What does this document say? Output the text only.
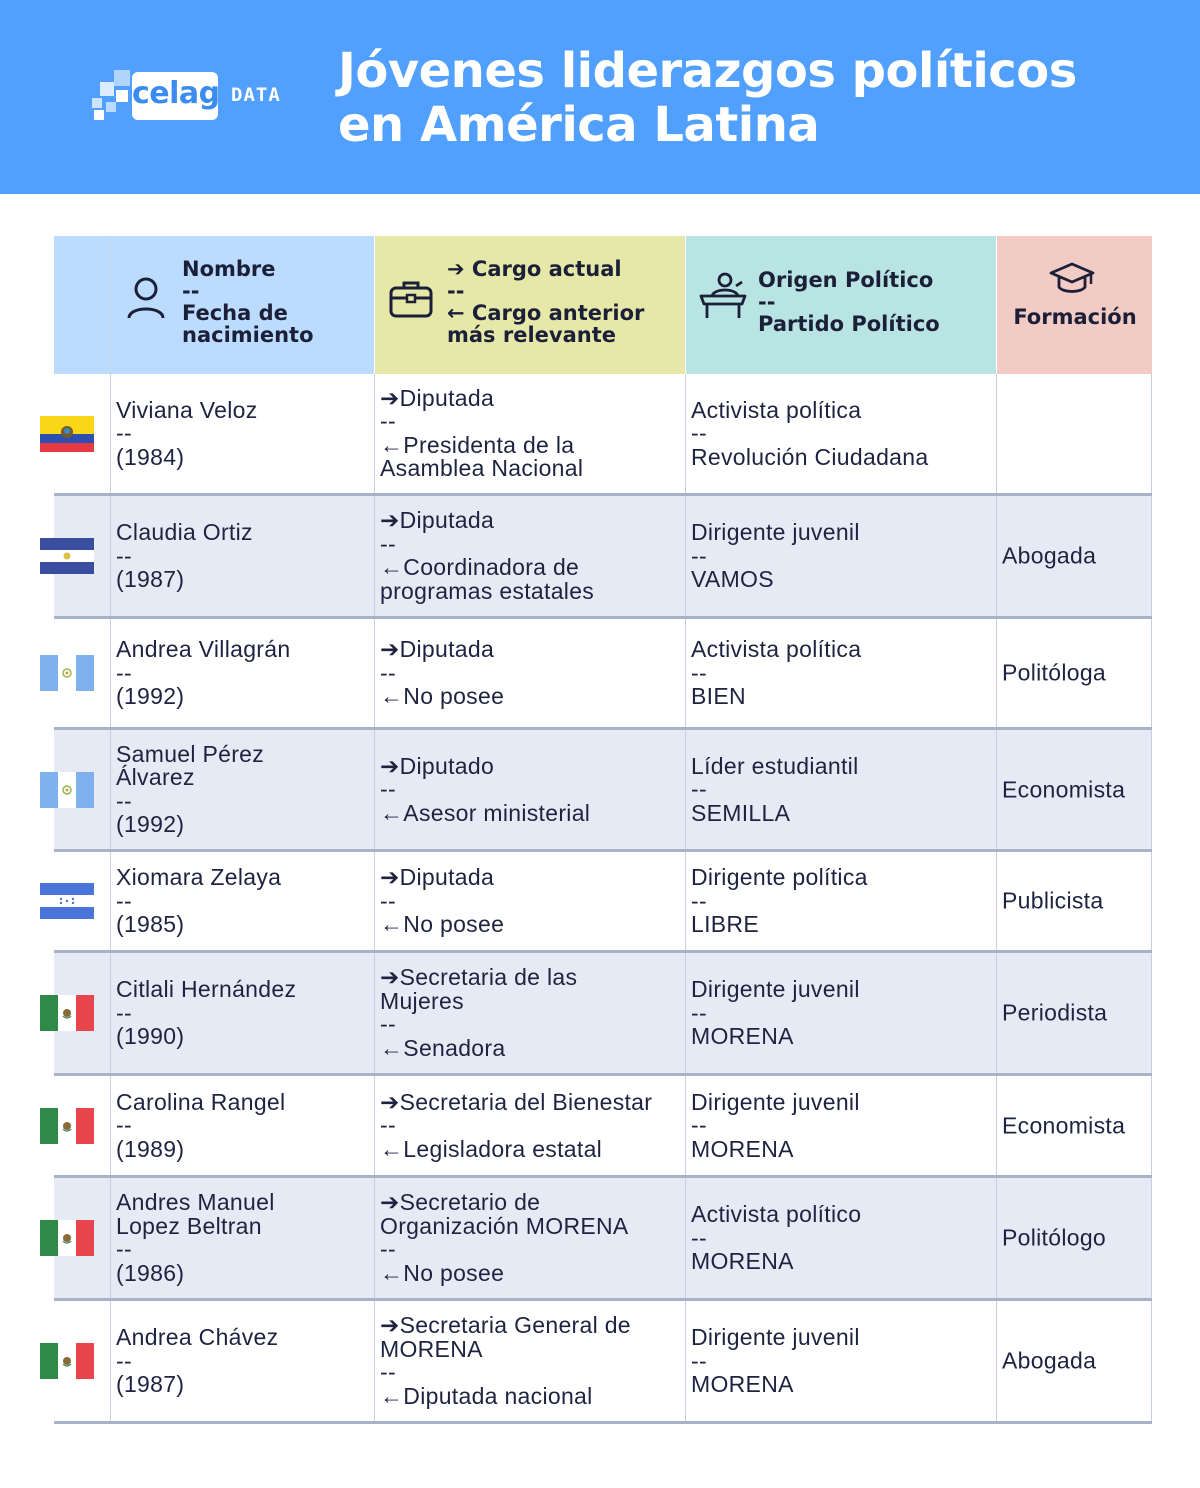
celag DATA Jóvenes liderazgos políticos
en América Latina
Nombre
--
Fecha de
nacimiento
➔ Cargo actual
--
← Cargo anterior
más relevante
Origen Político
--
Partido Político	Formación
Viviana Veloz
--
(1984)
➔Diputada
--
←Presidenta de la
Asamblea Nacional
Activista política
--
Revolución Ciudadana
Claudia Ortiz
--
(1987)
➔Diputada
--
←Coordinadora de
programas estatales
Dirigente juvenil
--
VAMOS
Abogada
Andrea Villagrán
--
(1992)
➔Diputada
--
←No posee
Activista política
--
BIEN
Politóloga
Samuel Pérez
Álvarez
--
(1992)
➔Diputado
--
←Asesor ministerial
Líder estudiantil
--
SEMILLA
Economista
Xiomara Zelaya
--
(1985)
➔Diputada
--
←No posee
Dirigente política
--
LIBRE
Publicista
Citlali Hernández
--
(1990)
➔Secretaria de las
Mujeres
--
←Senadora
Dirigente juvenil
--
MORENA
Periodista
Carolina Rangel
--
(1989)
➔Secretaria del Bienestar
--
←Legisladora estatal
Dirigente juvenil
--
MORENA
Economista
Andres Manuel
Lopez Beltran
--
(1986)
➔Secretario de
Organización MORENA
--
←No posee
Activista político
--
MORENA
Politólogo
Andrea Chávez
--
(1987)
➔Secretaria General de
MORENA
--
←Diputada nacional
Dirigente juvenil
--
MORENA
Abogada
